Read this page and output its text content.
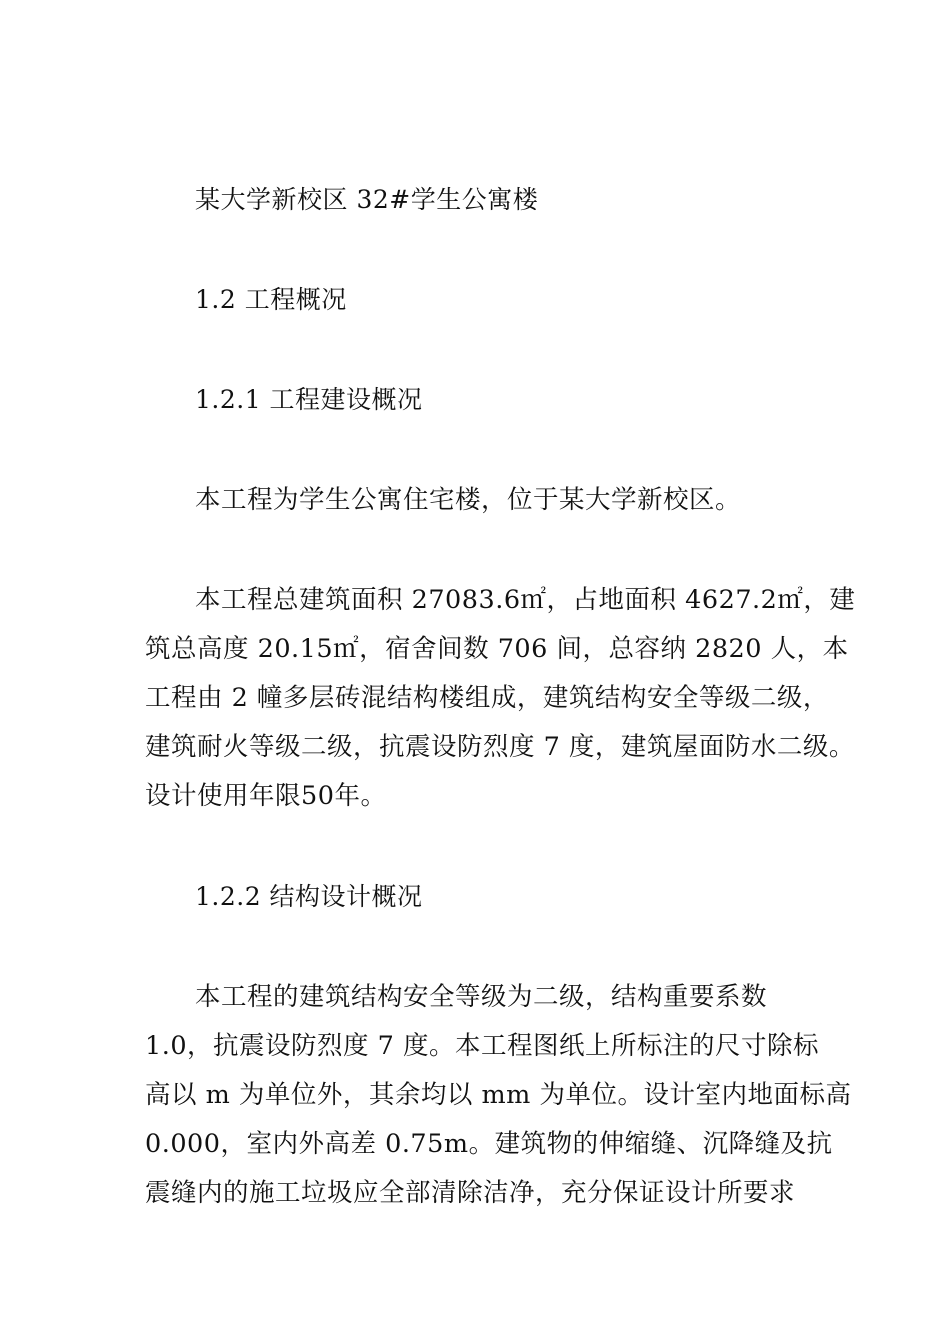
某大学新校区 32#学生公寓楼
1.2 工程概况
1.2.1 工程建设概况
本工程为学生公寓住宅楼，位于某大学新校区。
本工程总建筑面积 27083.6㎡，占地面积 4627.2㎡，建
筑总高度 20.15㎡，宿舍间数 706 间，总容纳 2820 人，本
工程由 2 幢多层砖混结构楼组成，建筑结构安全等级二级，
建筑耐火等级二级，抗震设防烈度 7 度，建筑屋面防水二级。
设计使用年限50年。
1.2.2 结构设计概况
本工程的建筑结构安全等级为二级，结构重要系数
1.0，抗震设防烈度 7 度。本工程图纸上所标注的尺寸除标
高以 m 为单位外，其余均以 mm 为单位。设计室内地面标高
0.000，室内外高差 0.75m。建筑物的伸缩缝、沉降缝及抗
震缝内的施工垃圾应全部清除洁净，充分保证设计所要求
